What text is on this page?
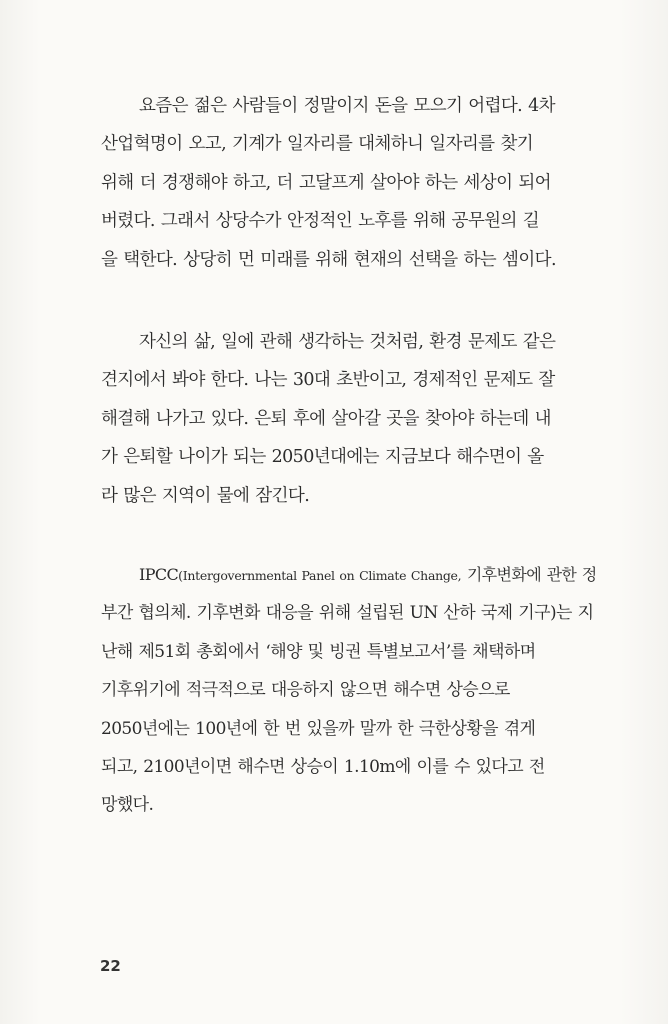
요즘은 젊은 사람들이 정말이지 돈을 모으기 어렵다. 4차
산업혁명이 오고, 기계가 일자리를 대체하니 일자리를 찾기
위해 더 경쟁해야 하고, 더 고달프게 살아야 하는 세상이 되어
버렸다. 그래서 상당수가 안정적인 노후를 위해 공무원의 길
을 택한다. 상당히 먼 미래를 위해 현재의 선택을 하는 셈이다.
자신의 삶, 일에 관해 생각하는 것처럼, 환경 문제도 같은
견지에서 봐야 한다. 나는 30대 초반이고, 경제적인 문제도 잘
해결해 나가고 있다. 은퇴 후에 살아갈 곳을 찾아야 하는데 내
가 은퇴할 나이가 되는 2050년대에는 지금보다 해수면이 올
라 많은 지역이 물에 잠긴다.
IPCC(Intergovernmental Panel on Climate Change, 기후변화에 관한 정
부간 협의체. 기후변화 대응을 위해 설립된 UN 산하 국제 기구)는 지
난해 제51회 총회에서 ‘해양 및 빙권 특별보고서’를 채택하며
기후위기에 적극적으로 대응하지 않으면 해수면 상승으로
2050년에는 100년에 한 번 있을까 말까 한 극한상황을 겪게
되고, 2100년이면 해수면 상승이 1.10m에 이를 수 있다고 전
망했다.
22
